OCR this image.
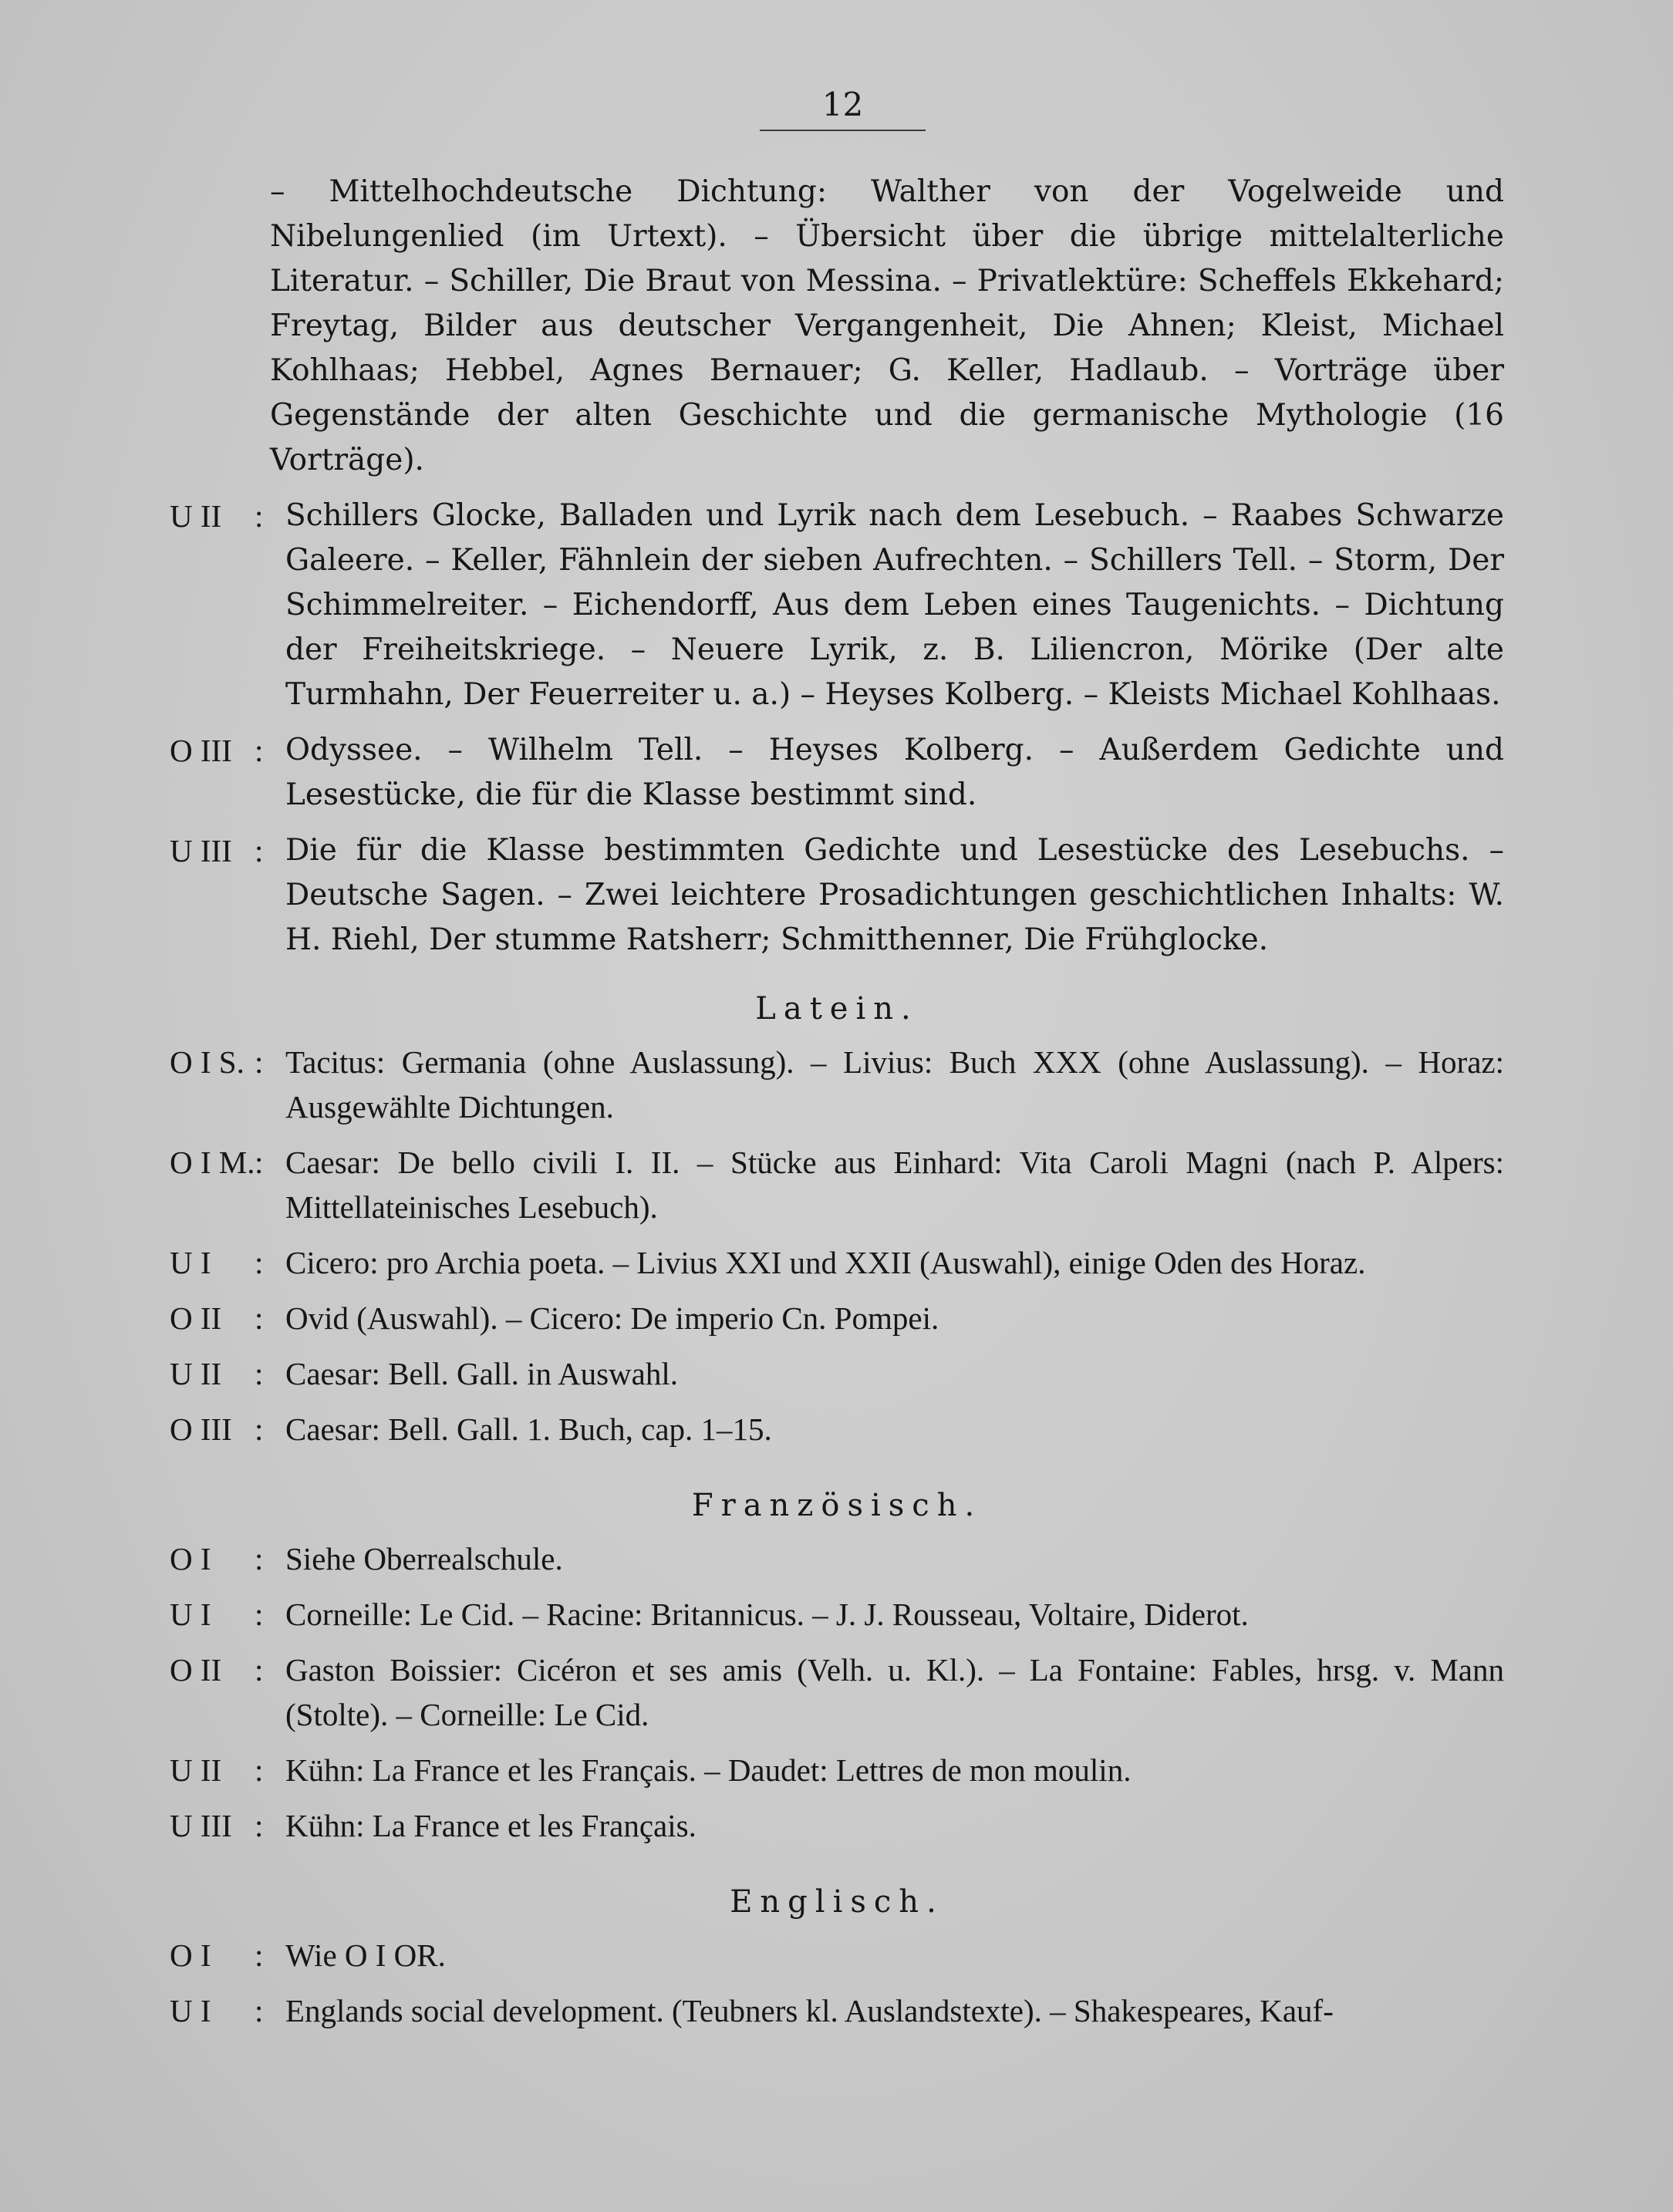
12
– Mittelhochdeutsche Dichtung: Walther von der Vogelweide und Nibelungenlied (im Urtext). – Übersicht über die übrige mittelalterliche Literatur. – Schiller, Die Braut von Messina. – Privatlektüre: Scheffels Ekkehard; Freytag, Bilder aus deutscher Vergangenheit, Die Ahnen; Kleist, Michael Kohlhaas; Hebbel, Agnes Bernauer; G. Keller, Hadlaub. – Vorträge über Gegenstände der alten Geschichte und die germanische Mythologie (16 Vorträge).
U II	: Schillers Glocke, Balladen und Lyrik nach dem Lesebuch. – Raabes Schwarze Galeere. – Keller, Fähnlein der sieben Aufrechten. – Schillers Tell. – Storm, Der Schimmelreiter. – Eichendorff, Aus dem Leben eines Taugenichts. – Dichtung der Freiheitskriege. – Neuere Lyrik, z. B. Liliencron, Mörike (Der alte Turmhahn, Der Feuerreiter u. a.) – Heyses Kolberg. – Kleists Michael Kohlhaas.
O III : Odyssee. – Wilhelm Tell. – Heyses Kolberg. – Außerdem Gedichte und Lesestücke, die für die Klasse bestimmt sind.
U III : Die für die Klasse bestimmten Gedichte und Lesestücke des Lesebuchs. – Deutsche Sagen. – Zwei leichtere Prosadichtungen geschichtlichen Inhalts: W. H. Riehl, Der stumme Ratsherr; Schmitthenner, Die Frühglocke.
Latein.
O I S. : Tacitus: Germania (ohne Auslassung). – Livius: Buch XXX (ohne Auslassung). – Horaz: Ausgewählte Dichtungen.
O I M. : Caesar: De bello civili I. II. – Stücke aus Einhard: Vita Caroli Magni (nach P. Alpers: Mittellateinisches Lesebuch).
U I	: Cicero: pro Archia poeta. – Livius XXI und XXII (Auswahl), einige Oden des Horaz.
O II	: Ovid (Auswahl). – Cicero: De imperio Cn. Pompei.
U II	: Caesar: Bell. Gall. in Auswahl.
O III : Caesar: Bell. Gall. 1. Buch, cap. 1–15.
Französisch.
O I	: Siehe Oberrealschule.
U I	: Corneille: Le Cid. – Racine: Britannicus. – J. J. Rousseau, Voltaire, Diderot.
O II	: Gaston Boissier: Cicéron et ses amis (Velh. u. Kl.). – La Fontaine: Fables, hrsg. v. Mann (Stolte). – Corneille: Le Cid.
U II	: Kühn: La France et les Français. – Daudet: Lettres de mon moulin.
U III : Kühn: La France et les Français.
Englisch.
O I	: Wie O I OR.
U I	: Englands social development. (Teubners kl. Auslandstexte). – Shakespeares, Kauf-
